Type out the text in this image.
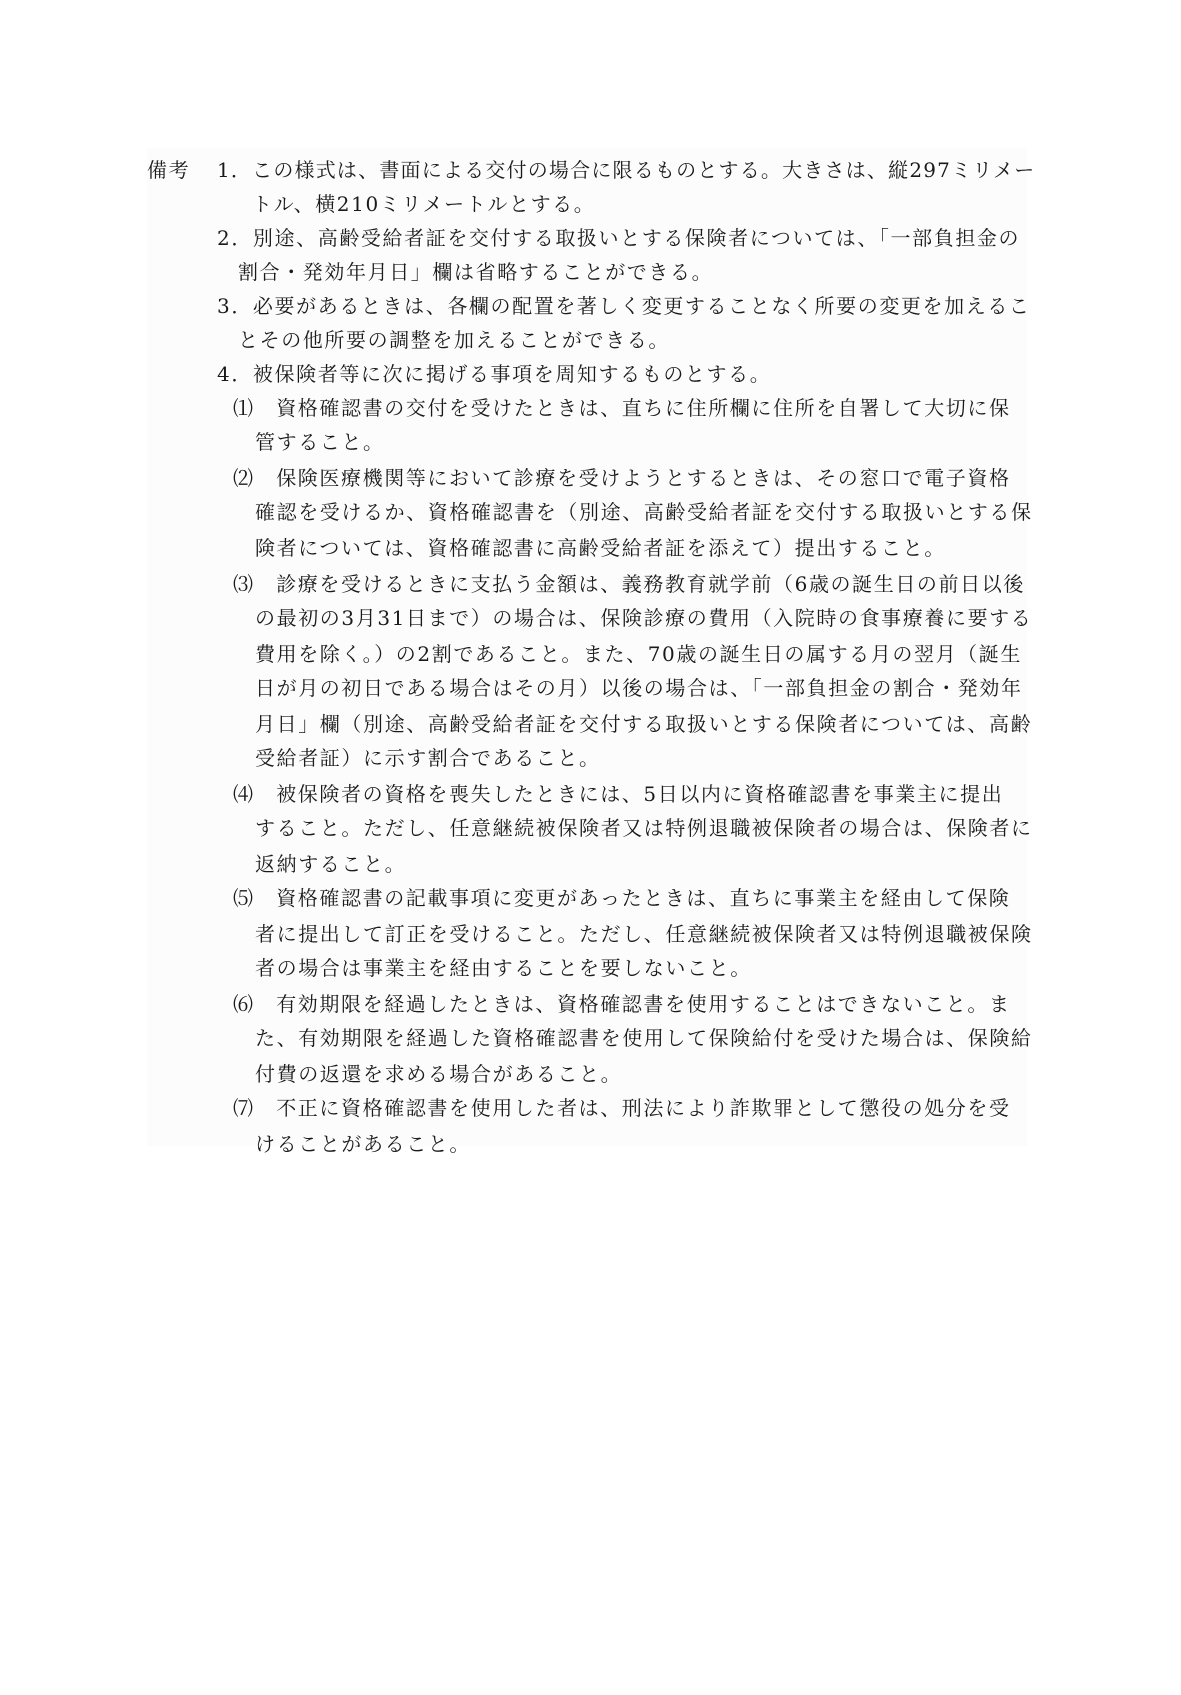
備考 1．この様式は、書面による交付の場合に限るものとする。大きさは、縦297ミリメー
トル、横210ミリメートルとする。
2．別途、高齢受給者証を交付する取扱いとする保険者については、「一部負担金の
割合・発効年月日」欄は省略することができる。
3．必要があるときは、各欄の配置を著しく変更することなく所要の変更を加えるこ
とその他所要の調整を加えることができる。
4．被保険者等に次に掲げる事項を周知するものとする。
⑴　資格確認書の交付を受けたときは、直ちに住所欄に住所を自署して大切に保
管すること。
⑵　保険医療機関等において診療を受けようとするときは、その窓口で電子資格
確認を受けるか、資格確認書を（別途、高齢受給者証を交付する取扱いとする保
険者については、資格確認書に高齢受給者証を添えて）提出すること。
⑶　診療を受けるときに支払う金額は、義務教育就学前（6歳の誕生日の前日以後
の最初の3月31日まで）の場合は、保険診療の費用（入院時の食事療養に要する
費用を除く。）の2割であること。また、70歳の誕生日の属する月の翌月（誕生
日が月の初日である場合はその月）以後の場合は、「一部負担金の割合・発効年
月日」欄（別途、高齢受給者証を交付する取扱いとする保険者については、高齢
受給者証）に示す割合であること。
⑷　被保険者の資格を喪失したときには、5日以内に資格確認書を事業主に提出
すること。ただし、任意継続被保険者又は特例退職被保険者の場合は、保険者に
返納すること。
⑸　資格確認書の記載事項に変更があったときは、直ちに事業主を経由して保険
者に提出して訂正を受けること。ただし、任意継続被保険者又は特例退職被保険
者の場合は事業主を経由することを要しないこと。
⑹　有効期限を経過したときは、資格確認書を使用することはできないこと。ま
た、有効期限を経過した資格確認書を使用して保険給付を受けた場合は、保険給
付費の返還を求める場合があること。
⑺　不正に資格確認書を使用した者は、刑法により詐欺罪として懲役の処分を受
けることがあること。
